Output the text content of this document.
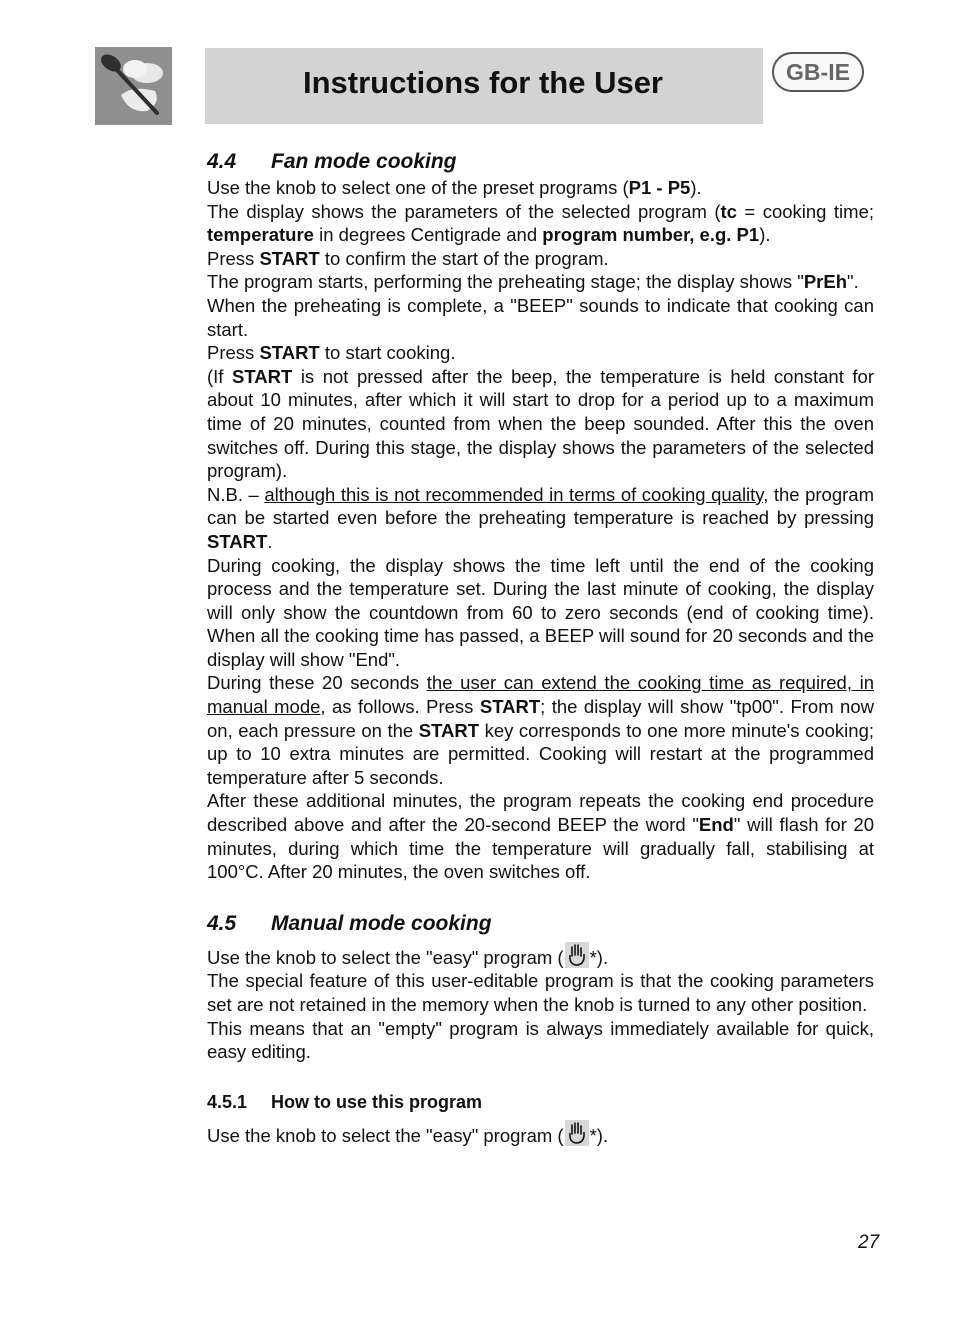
Instructions for the User	GB-IE
4.4 Fan mode cooking

Use the knob to select one of the preset programs (P1 - P5).

The display shows the parameters of the selected program (tc = cooking time; temperature in degrees Centigrade and program number, e.g. P1).

Press START to confirm the start of the program.

The program starts, performing the preheating stage; the display shows "PrEh".

When the preheating is complete, a "BEEP" sounds to indicate that cooking can start.

Press START to start cooking.

(If START is not pressed after the beep, the temperature is held constant for about 10 minutes, after which it will start to drop for a period up to a maximum time of 20 minutes, counted from when the beep sounded. After this the oven switches off. During this stage, the display shows the parameters of the selected program).

N.B. – although this is not recommended in terms of cooking quality, the program can be started even before the preheating temperature is reached by pressing START.

During cooking, the display shows the time left until the end of the cooking process and the temperature set. During the last minute of cooking, the display will only show the countdown from 60 to zero seconds (end of cooking time). When all the cooking time has passed, a BEEP will sound for 20 seconds and the display will show "End".

During these 20 seconds the user can extend the cooking time as required, in manual mode, as follows. Press START; the display will show "tp00". From now on, each pressure on the START key corresponds to one more minute's cooking; up to 10 extra minutes are permitted. Cooking will restart at the programmed temperature after 5 seconds.

After these additional minutes, the program repeats the cooking end procedure described above and after the 20-second BEEP the word "End" will flash for 20 minutes, during which time the temperature will gradually fall, stabilising at 100°C. After 20 minutes, the oven switches off.

4.5 Manual mode cooking

Use the knob to select the "easy" program ( *).

The special feature of this user-editable program is that the cooking parameters set are not retained in the memory when the knob is turned to any other position.

This means that an "empty" program is always immediately available for quick, easy editing.

4.5.1 How to use this program

Use the knob to select the "easy" program ( *).

27
